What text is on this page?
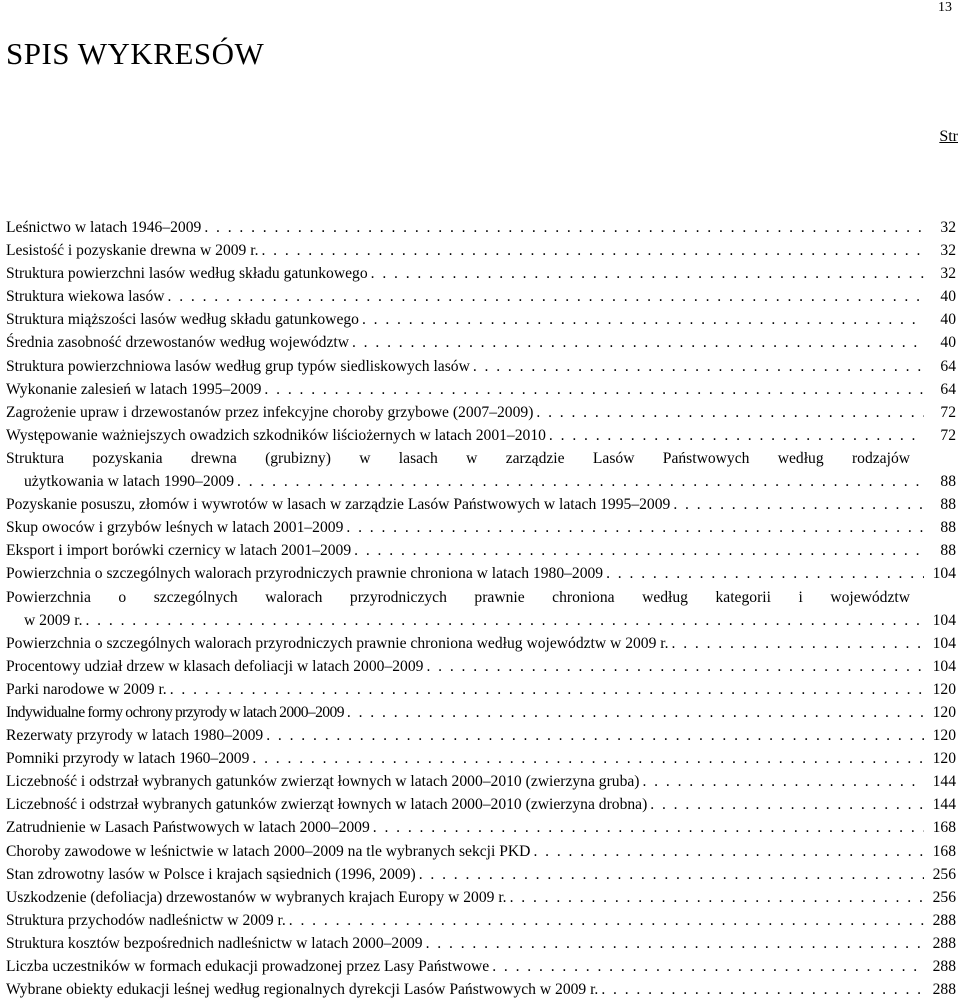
13
SPIS WYKRESÓW
Str
Leśnictwo w latach 1946–2009 . . .	32
Lesistość i pozyskanie drewna w 2009 r. . . .	32
Struktura powierzchni lasów według składu gatunkowego . . .	32
Struktura wiekowa lasów . . .	40
Struktura miąższości lasów według składu gatunkowego . . .	40
Średnia zasobność drzewostanów według województw . . .	40
Struktura powierzchniowa lasów według grup typów siedliskowych lasów . . .	64
Wykonanie zalesień w latach 1995–2009 . . .	64
Zagrożenie upraw i drzewostanów przez infekcyjne choroby grzybowe (2007–2009) . . .	72
Występowanie ważniejszych owadzich szkodników liściożernych w latach 2001–2010 . . .	72
Struktura pozyskania drewna (grubizny) w lasach w zarządzie Lasów Państwowych według rodzajów
użytkowania w latach 1990–2009 . . .	88
Pozyskanie posuszu, złomów i wywrotów w lasach w zarządzie Lasów Państwowych w latach 1995–2009 . . .	88
Skup owoców i grzybów leśnych w latach 2001–2009 . . .	88
Eksport i import borówki czernicy w latach 2001–2009 . . .	88
Powierzchnia o szczególnych walorach przyrodniczych prawnie chroniona w latach 1980–2009 . . .	104
Powierzchnia o szczególnych walorach przyrodniczych prawnie chroniona według kategorii i województw
w 2009 r. . . .	104
Powierzchnia o szczególnych walorach przyrodniczych prawnie chroniona według województw w 2009 r. . . .	104
Procentowy udział drzew w klasach defoliacji w latach 2000–2009 . . .	104
Parki narodowe w 2009 r. . . .	120
Indywidualne formy ochrony przyrody w latach 2000–2009 . . .	120
Rezerwaty przyrody w latach 1980–2009 . . .	120
Pomniki przyrody w latach 1960–2009 . . .	120
Liczebność i odstrzał wybranych gatunków zwierząt łownych w latach 2000–2010 (zwierzyna gruba) . . .	144
Liczebność i odstrzał wybranych gatunków zwierząt łownych w latach 2000–2010 (zwierzyna drobna) . . .	144
Zatrudnienie w Lasach Państwowych w latach 2000–2009 . . .	168
Choroby zawodowe w leśnictwie w latach 2000–2009 na tle wybranych sekcji PKD . . .	168
Stan zdrowotny lasów w Polsce i krajach sąsiednich (1996, 2009) . . .	256
Uszkodzenie (defoliacja) drzewostanów w wybranych krajach Europy w 2009 r. . . .	256
Struktura przychodów nadleśnictw w 2009 r. . . .	288
Struktura kosztów bezpośrednich nadleśnictw w latach 2000–2009 . . .	288
Liczba uczestników w formach edukacji prowadzonej przez Lasy Państwowe . . .	288
Wybrane obiekty edukacji leśnej według regionalnych dyrekcji Lasów Państwowych w 2009 r. . . .	288
